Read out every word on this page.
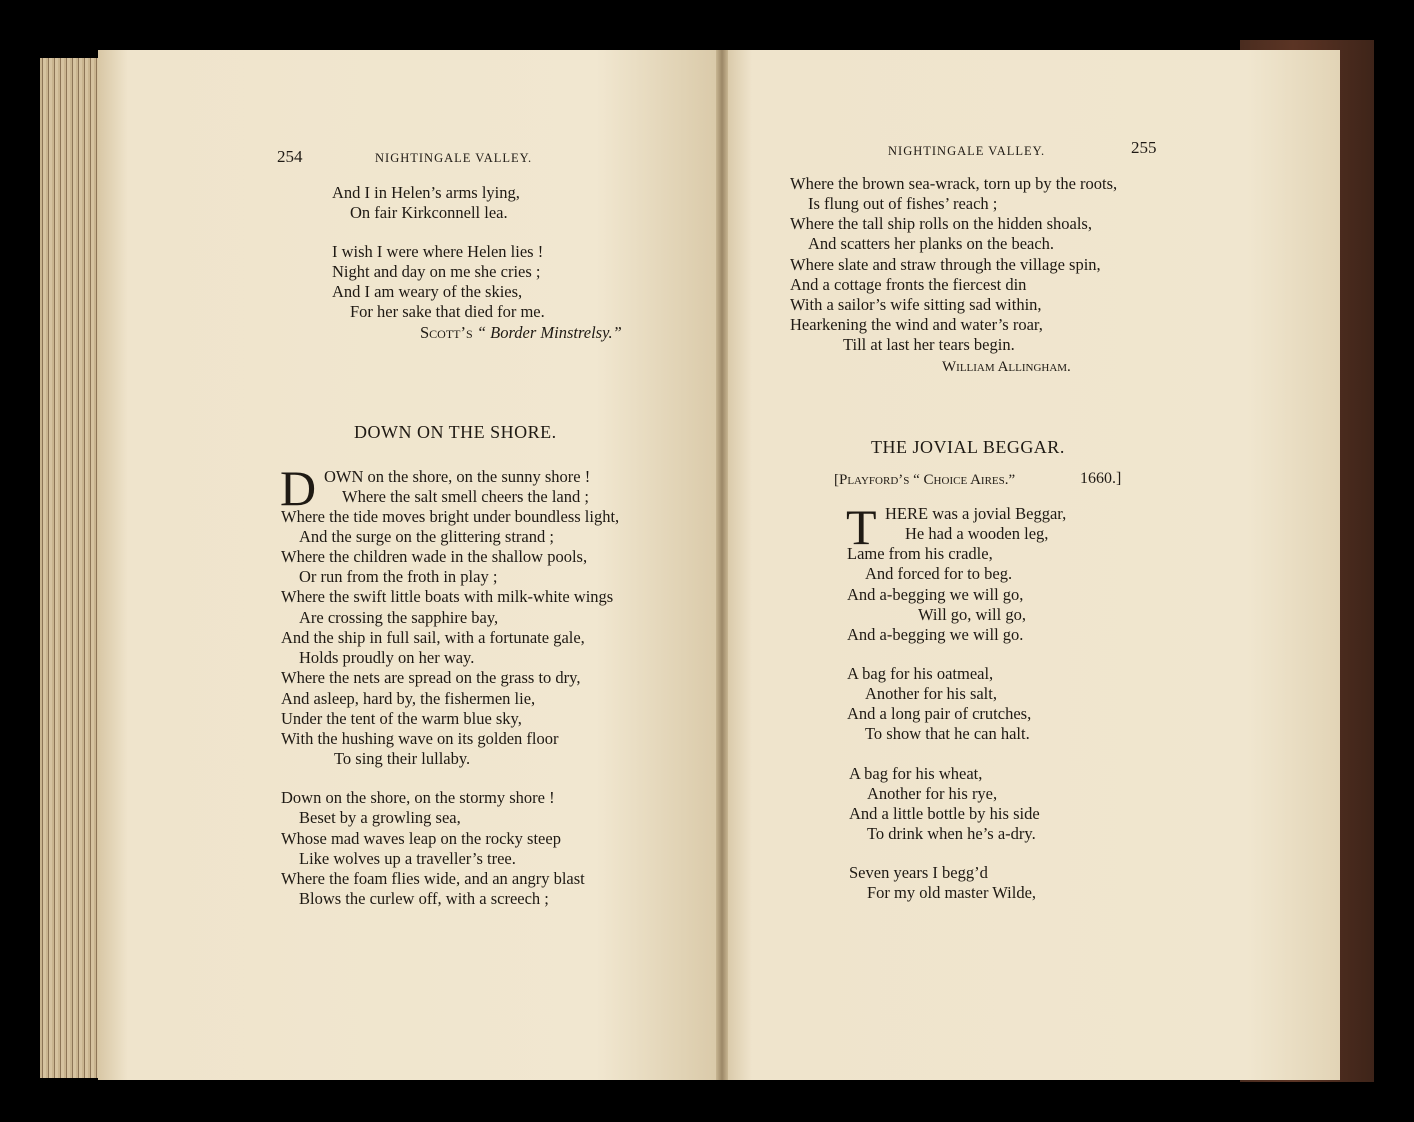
254	NIGHTINGALE VALLEY.
And I in Helen’s arms lying,
On fair Kirkconnell lea.
I wish I were where Helen lies !
Night and day on me she cries ;
And I am weary of the skies,
For her sake that died for me.
Scott’s “ Border Minstrelsy.”
DOWN ON THE SHORE.
D OWN on the shore, on the sunny shore !
Where the salt smell cheers the land ;
Where the tide moves bright under boundless light,
And the surge on the glittering strand ;
Where the children wade in the shallow pools,
Or run from the froth in play ;
Where the swift little boats with milk-white wings
Are crossing the sapphire bay,
And the ship in full sail, with a fortunate gale,
Holds proudly on her way.
Where the nets are spread on the grass to dry,
And asleep, hard by, the fishermen lie,
Under the tent of the warm blue sky,
With the hushing wave on its golden floor
To sing their lullaby.
Down on the shore, on the stormy shore !
Beset by a growling sea,
Whose mad waves leap on the rocky steep
Like wolves up a traveller’s tree.
Where the foam flies wide, and an angry blast
Blows the curlew off, with a screech ;
NIGHTINGALE VALLEY.	255
Where the brown sea-wrack, torn up by the roots,
Is flung out of fishes’ reach ;
Where the tall ship rolls on the hidden shoals,
And scatters her planks on the beach.
Where slate and straw through the village spin,
And a cottage fronts the fiercest din
With a sailor’s wife sitting sad within,
Hearkening the wind and water’s roar,
Till at last her tears begin.
William Allingham.
THE JOVIAL BEGGAR.
[Playford’s “ Choice Aires.”	1660.]
T HERE was a jovial Beggar,
He had a wooden leg,
Lame from his cradle,
And forced for to beg.
And a-begging we will go,
Will go, will go,
And a-begging we will go.
A bag for his oatmeal,
Another for his salt,
And a long pair of crutches,
To show that he can halt.
A bag for his wheat,
Another for his rye,
And a little bottle by his side
To drink when he’s a-dry.
Seven years I begg’d
For my old master Wilde,
